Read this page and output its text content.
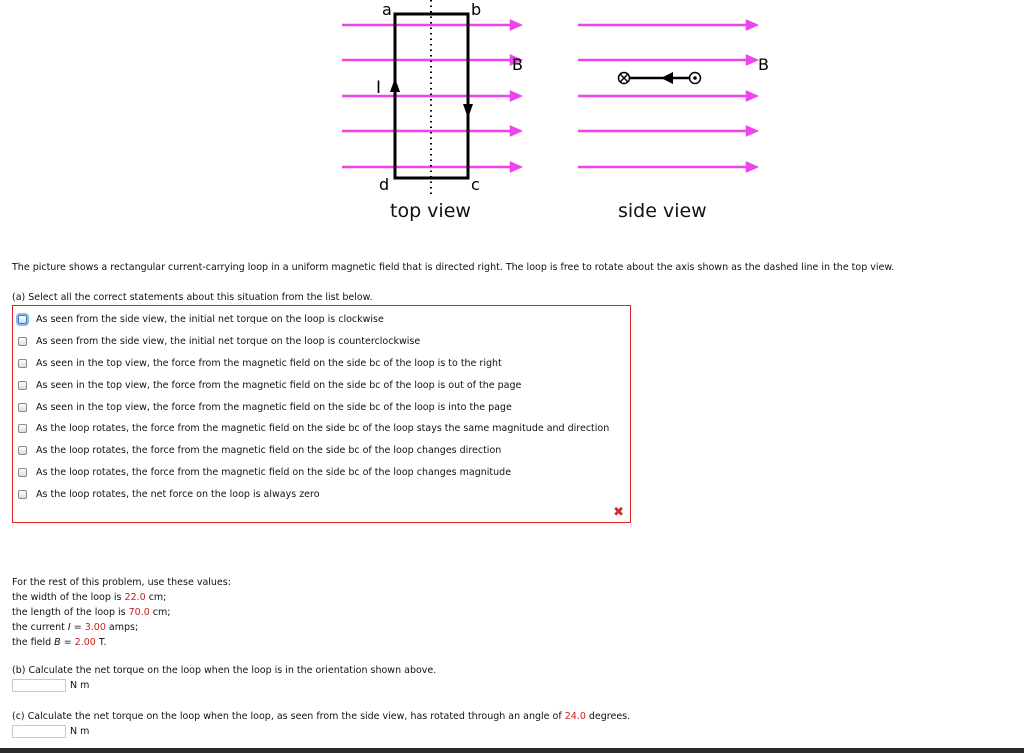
a	b
c
d
I
B
top view
B
side view
The picture shows a rectangular current-carrying loop in a uniform magnetic field that is directed right. The loop is free to rotate about the axis shown as the dashed line in the top view.
(a) Select all the correct statements about this situation from the list below.
As seen from the side view, the initial net torque on the loop is clockwise
As seen from the side view, the initial net torque on the loop is counterclockwise
As seen in the top view, the force from the magnetic field on the side bc of the loop is to the right
As seen in the top view, the force from the magnetic field on the side bc of the loop is out of the page
As seen in the top view, the force from the magnetic field on the side bc of the loop is into the page
As the loop rotates, the force from the magnetic field on the side bc of the loop stays the same magnitude and direction
As the loop rotates, the force from the magnetic field on the side bc of the loop changes direction
As the loop rotates, the force from the magnetic field on the side bc of the loop changes magnitude
As the loop rotates, the net force on the loop is always zero
✖
For the rest of this problem, use these values:
the width of the loop is 22.0 cm;
the length of the loop is 70.0 cm;
the current I = 3.00 amps;
the field B = 2.00 T.
(b) Calculate the net torque on the loop when the loop is in the orientation shown above.
N m
(c) Calculate the net torque on the loop when the loop, as seen from the side view, has rotated through an angle of 24.0 degrees.
N m
